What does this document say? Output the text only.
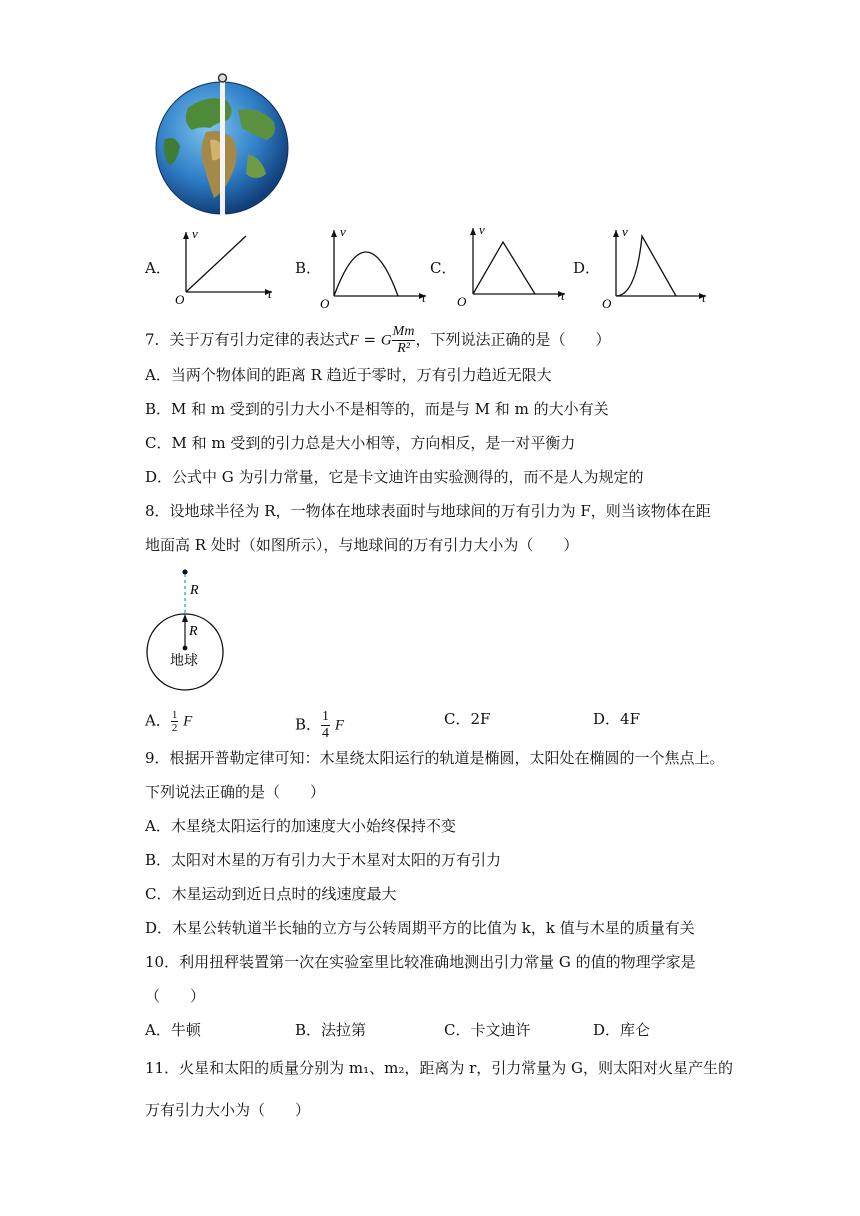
A．
v
t
O
B．
v
t
O
C．
v
t
O
D．
v
t
O
7．关于万有引力定律的表达式F = G $\frac{Mm}{\text{R²}}$ ，下列说法正确的是（　　）
A．当两个物体间的距离 R 趋近于零时，万有引力趋近无限大
B．M 和 m 受到的引力大小不是相等的，而是与 M 和 m 的大小有关
C．M 和 m 受到的引力总是大小相等，方向相反，是一对平衡力
D．公式中 G 为引力常量，它是卡文迪许由实验测得的，而不是人为规定的
8．设地球半径为 R，一物体在地球表面时与地球间的万有引力为 F，则当该物体在距
地面高 R 处时（如图所示），与地球间的万有引力大小为（　　）
R
R
地球
A． $\frac{1}{2}$ F	B． $\frac{1}{4}$ F	C．2F	D．4F
9．根据开普勒定律可知：木星绕太阳运行的轨道是椭圆，太阳处在椭圆的一个焦点上。
下列说法正确的是（　　）
A．木星绕太阳运行的加速度大小始终保持不变
B．太阳对木星的万有引力大于木星对太阳的万有引力
C．木星运动到近日点时的线速度最大
D．木星公转轨道半长轴的立方与公转周期平方的比值为 k，k 值与木星的质量有关
10．利用扭秤装置第一次在实验室里比较准确地测出引力常量 G 的值的物理学家是
（　　）
A．牛顿	B．法拉第	C．卡文迪许	D．库仑
11．火星和太阳的质量分别为 m₁、m₂，距离为 r，引力常量为 G，则太阳对火星产生的
万有引力大小为（　　）
